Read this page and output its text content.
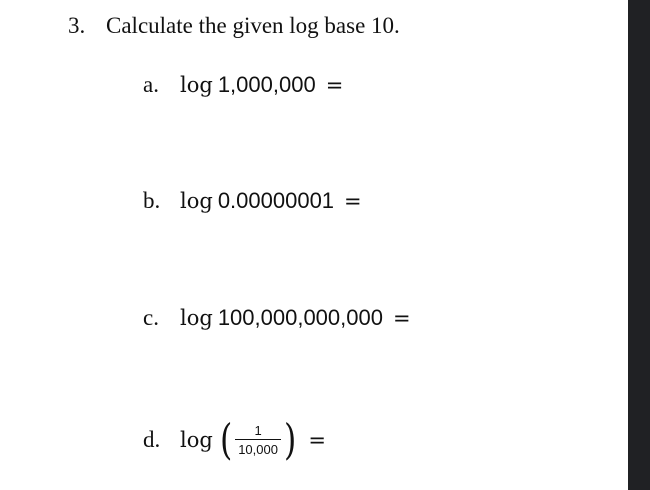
3. Calculate the given log base 10.
a.	log 1,000,000 =
b. log 0.00000001 =
c.	log 100,000,000,000 =
d. log ( $\frac{1}{10,000}$ ) =
